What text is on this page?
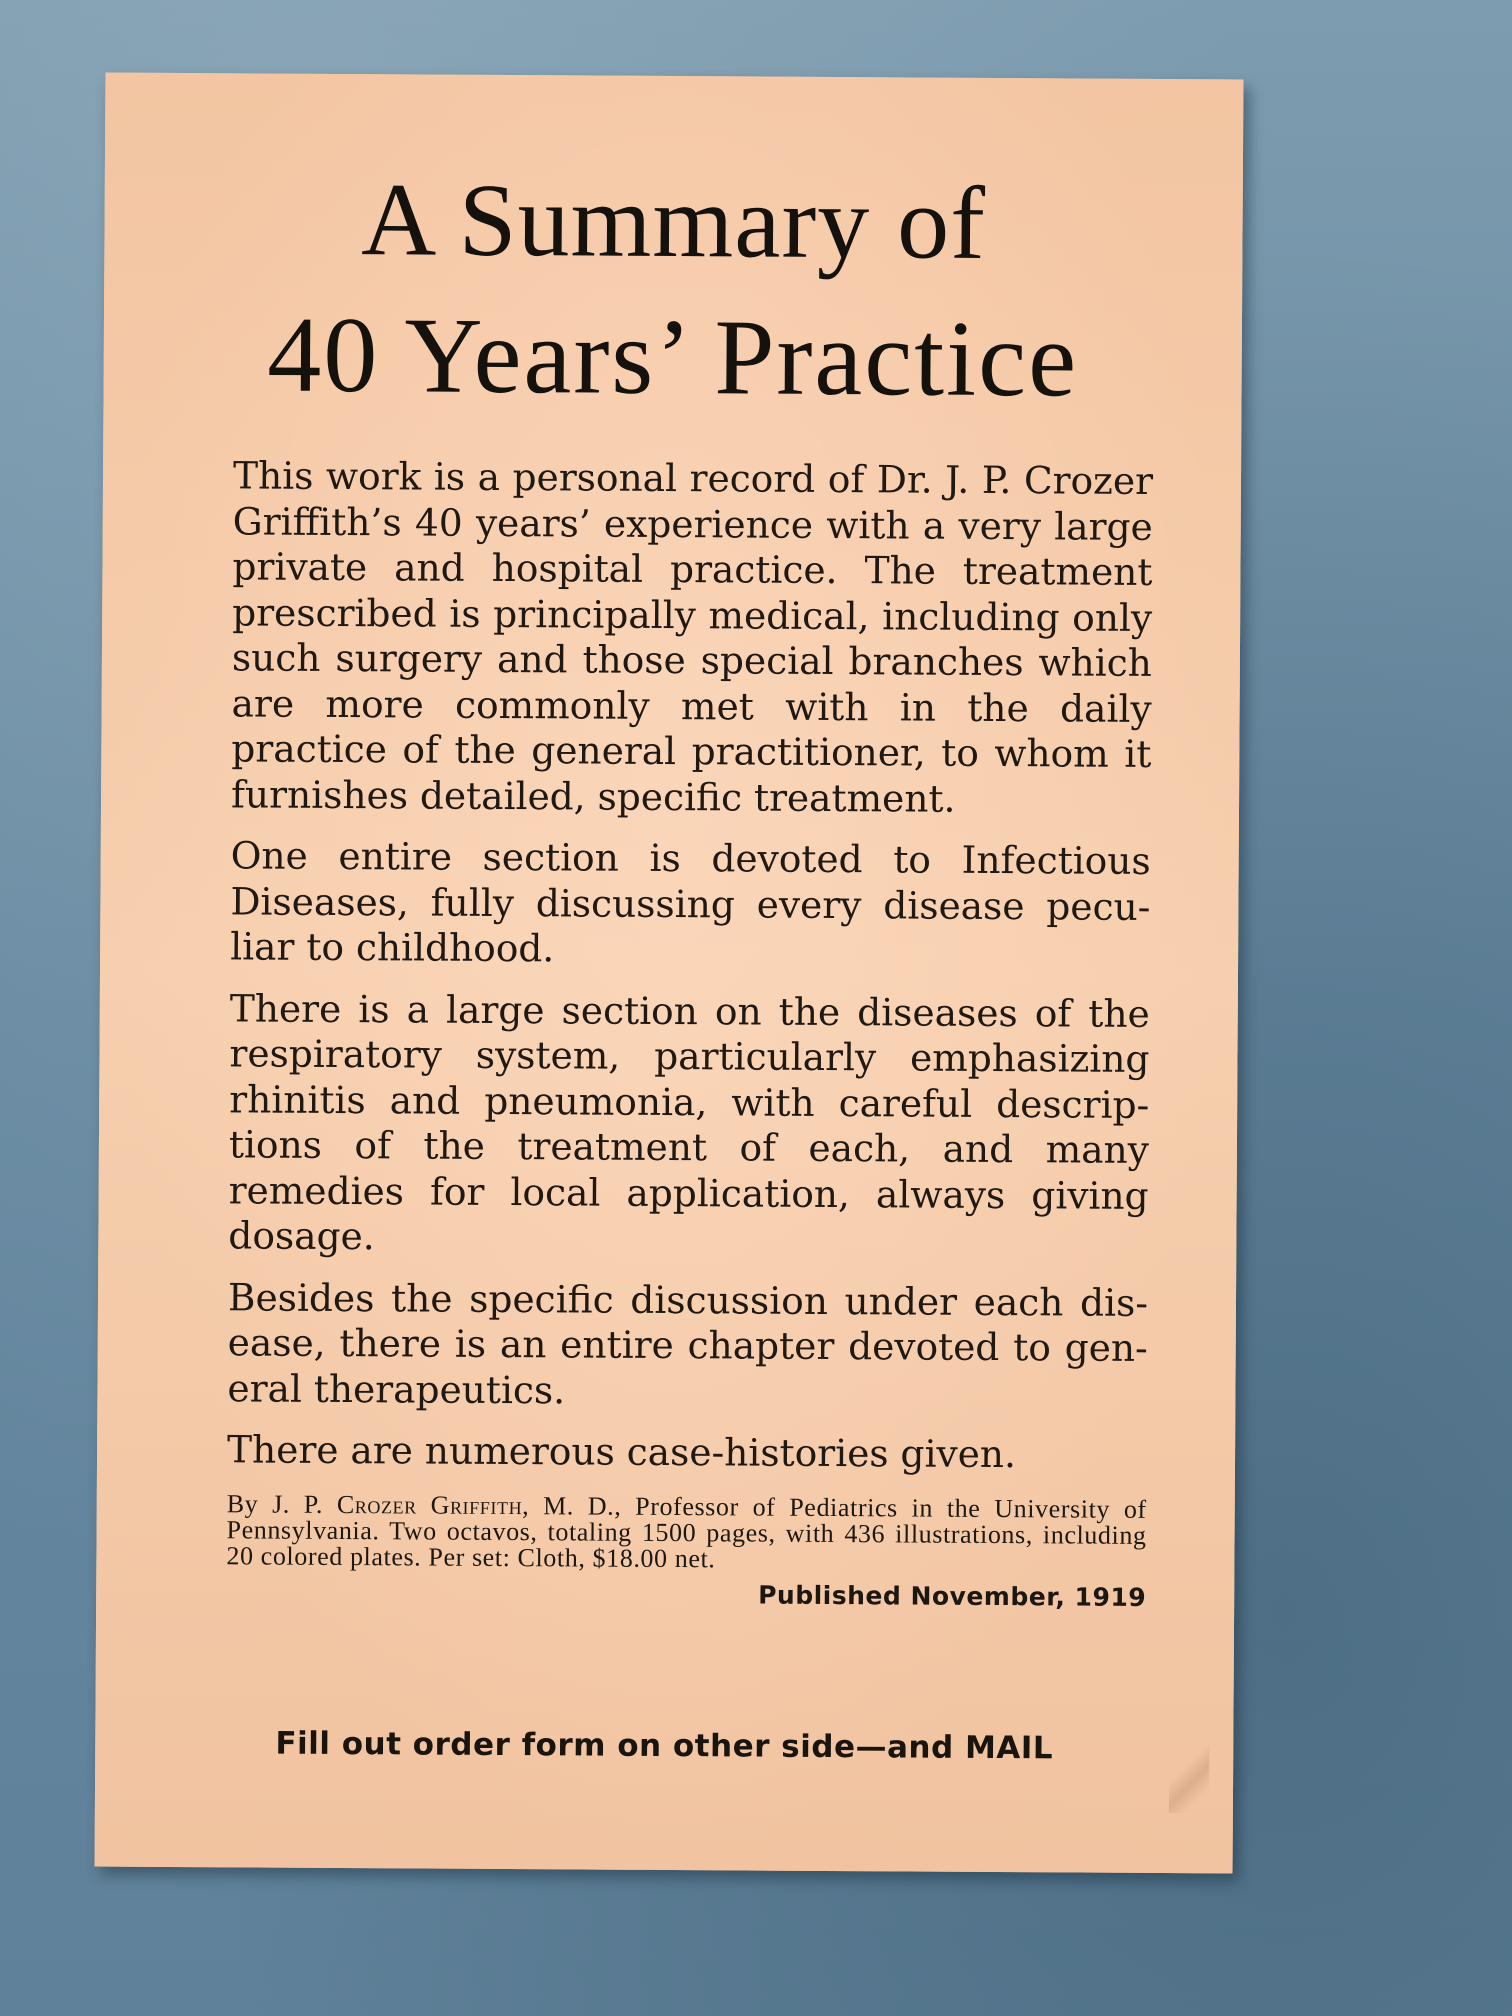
A Summary of
40 Years’ Practice

This work is a personal record of Dr. J. P. Crozer Griffith’s 40 years’ experience with a very large private and hospital practice. The treatment prescribed is principally medical, including only such surgery and those special branches which are more commonly met with in the daily practice of the general practitioner, to whom it furnishes detailed, specific treatment.

One entire section is devoted to Infectious Diseases, fully discussing every disease peculiar to childhood.

There is a large section on the diseases of the respiratory system, particularly emphasizing rhinitis and pneumonia, with careful descriptions of the treatment of each, and many remedies for local application, always giving dosage.

Besides the specific discussion under each disease, there is an entire chapter devoted to general therapeutics.

There are numerous case-histories given.

By J. P. Crozer Griffith, M. D., Professor of Pediatrics in the University of Pennsylvania. Two octavos, totaling 1500 pages, with 436 illustrations, including 20 colored plates. Per set: Cloth, $18.00 net.

Published November, 1919

Fill out order form on other side—and MAIL
